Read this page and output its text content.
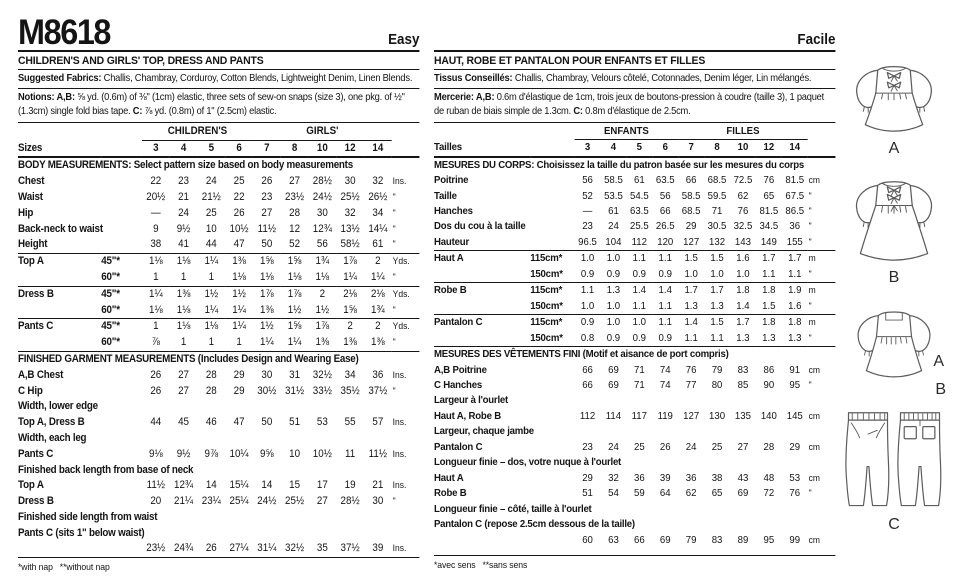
M8618	Easy
CHILDREN'S AND GIRLS' TOP, DRESS AND PANTS
Suggested Fabrics: Challis, Chambray, Corduroy, Cotton Blends, Lightweight Denim, Linen Blends.
Notions: A,B: ⅝ yd. (0.6m) of ⅜" (1cm) elastic, three sets of sew-on snaps (size 3), one pkg. of ½" (1.3cm) single fold bias tape. C: ⅞ yd. (0.8m) of 1" (2.5cm) elastic.

		CHILDREN'S				GIRLS'					

Sizes		3	4	5	6	7	8	10	12	14	
BODY MEASUREMENTS: Select pattern size based on body measurements											
Chest		22	23	24	25	26	27	28½	30	32	Ins.
Waist		20½	21	21½	22	23	23½	24½	25½	26½	"
Hip		—	24	25	26	27	28	30	32	34	"
Back-neck to waist		9	9½	10	10½	11½	12	12¾	13½	14¼	"
Height		38	41	44	47	50	52	56	58½	61	"
Top A	45"*	1⅛	1⅛	1¼	1⅜	1⅝	1⅝	1¾	1⅞	2	Yds.
	60"*	1	1	1	1⅛	1⅛	1⅛	1⅛	1¼	1¼	"
Dress B	45"*	1¼	1⅜	1½	1½	1⅞	1⅞	2	2⅛	2⅛	Yds.
	60"*	1⅛	1⅛	1¼	1¼	1⅜	1½	1½	1⅝	1¾	"
Pants C	45"*	1	1⅛	1⅛	1¼	1½	1⅝	1⅞	2	2	Yds.
	60"*	⅞	1	1	1	1¼	1¼	1⅜	1⅜	1⅜	"
FINISHED GARMENT MEASUREMENTS (Includes Design and Wearing Ease)											
A,B Chest		26	27	28	29	30	31	32½	34	36	Ins.
C Hip		26	27	28	29	30½	31½	33½	35½	37½	"
Width, lower edge											
Top A, Dress B		44	45	46	47	50	51	53	55	57	Ins.
Width, each leg											
Pants C		9⅛	9½	9⅞	10¼	9⅝	10	10½	11	11½	Ins.
Finished back length from base of neck											
Top A		11½	12¾	14	15¼	14	15	17	19	21	Ins.
Dress B		20	21¼	23¼	25¼	24½	25½	27	28½	30	"
Finished side length from waist											
Pants C (sits 1" below waist)											
		23½	24¾	26	27¼	31¼	32½	35	37½	39	Ins.
*with nap   **without nap
Facile
HAUT, ROBE ET PANTALON POUR ENFANTS ET FILLES
Tissus Conseillés: Challis, Chambray, Velours côtelé, Cotonnades, Denim léger, Lin mélangés.
Mercerie: A,B: 0.6m d'élastique de 1cm, trois jeux de boutons-pression à coudre (taille 3), 1 paquet de ruban de biais simple de 1.3cm. C: 0.8m d'élastique de 2.5cm.

		ENFANTS				FILLES					

Tailles		3	4	5	6	7	8	10	12	14	
MESURES DU CORPS: Choisissez la taille du patron basée sur les mesures du corps											
Poitrine		56	58.5	61	63.5	66	68.5	72.5	76	81.5	cm
Taille		52	53.5	54.5	56	58.5	59.5	62	65	67.5	"
Hanches		—	61	63.5	66	68.5	71	76	81.5	86.5	"
Dos du cou à la taille		23	24	25.5	26.5	29	30.5	32.5	34.5	36	"
Hauteur		96.5	104	112	120	127	132	143	149	155	"
Haut A	115cm*	1.0	1.0	1.1	1.1	1.5	1.5	1.6	1.7	1.7	m
	150cm*	0.9	0.9	0.9	0.9	1.0	1.0	1.0	1.1	1.1	"
Robe B	115cm*	1.1	1.3	1.4	1.4	1.7	1.7	1.8	1.8	1.9	m
	150cm*	1.0	1.0	1.1	1.1	1.3	1.3	1.4	1.5	1.6	"
Pantalon C	115cm*	0.9	1.0	1.0	1.1	1.4	1.5	1.7	1.8	1.8	m
	150cm*	0.8	0.9	0.9	0.9	1.1	1.1	1.3	1.3	1.3	"
MESURES DES VÊTEMENTS FINI (Motif et aisance de port compris)											
A,B Poitrine		66	69	71	74	76	79	83	86	91	cm
C Hanches		66	69	71	74	77	80	85	90	95	"
Largeur à l'ourlet											
Haut A, Robe B		112	114	117	119	127	130	135	140	145	cm
Largeur, chaque jambe											
Pantalon C		23	24	25	26	24	25	27	28	29	cm
Longueur finie – dos, votre nuque à l'ourlet											
Haut A		29	32	36	39	36	38	43	48	53	cm
Robe B		51	54	59	64	62	65	69	72	76	"
Longueur finie – côté, taille à l'ourlet											
Pantalon C (repose 2.5cm dessous de la taille)											
		60	63	66	69	79	83	89	95	99	cm
*avec sens   **sans sens
A
B
A
B
C
